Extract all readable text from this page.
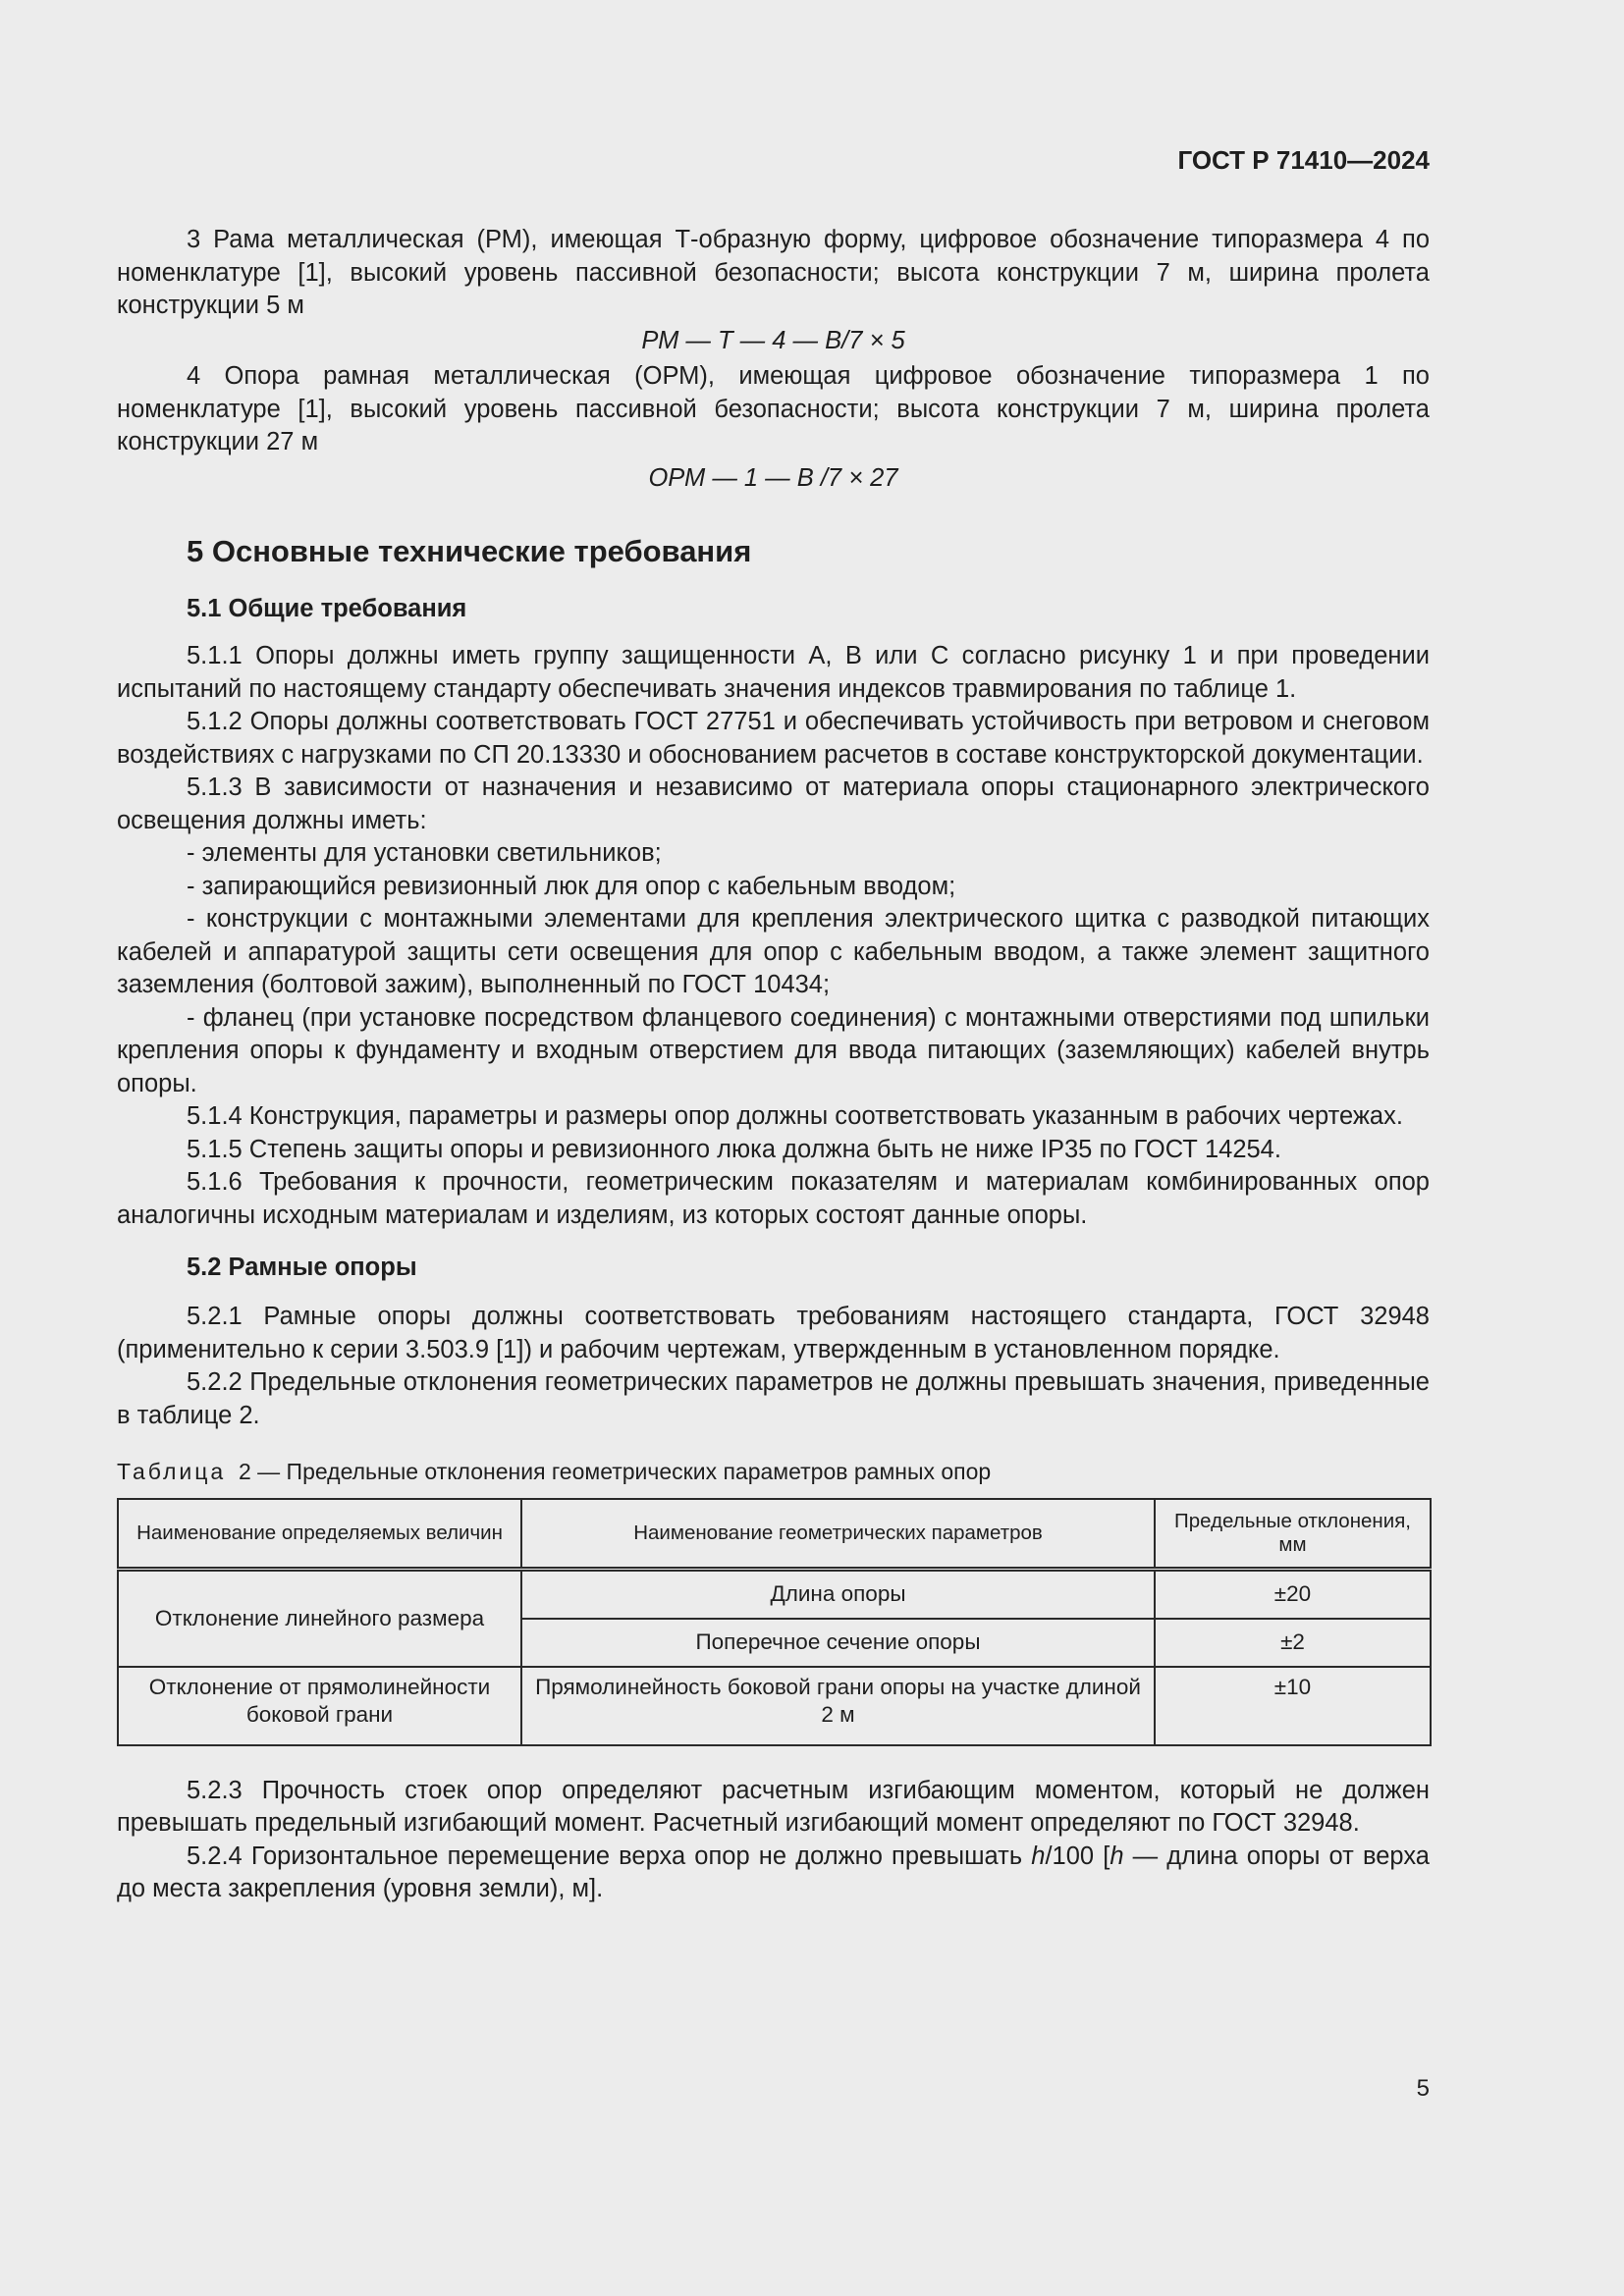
ГОСТ Р 71410—2024

3 Рама металлическая (РМ), имеющая Т-образную форму, цифровое обозначение типоразмера 4 по номенклатуре [1], высокий уровень пассивной безопасности; высота конструкции 7 м, ширина пролета конструкции 5 м

РМ — Т — 4 — В/7 × 5

4 Опора рамная металлическая (ОРМ), имеющая цифровое обозначение типоразмера 1 по номенклатуре [1], высокий уровень пассивной безопасности; высота конструкции 7 м, ширина пролета конструкции 27 м

ОРМ — 1 — В /7 × 27

5 Основные технические требования
5.1 Общие требования

5.1.1 Опоры должны иметь группу защищенности А, В или С согласно рисунку 1 и при проведении испытаний по настоящему стандарту обеспечивать значения индексов травмирования по таблице 1.

5.1.2 Опоры должны соответствовать ГОСТ 27751 и обеспечивать устойчивость при ветровом и снеговом воздействиях с нагрузками по СП 20.13330 и обоснованием расчетов в составе конструкторской документации.

5.1.3 В зависимости от назначения и независимо от материала опоры стационарного электрического освещения должны иметь:

- элементы для установки светильников;

- запирающийся ревизионный люк для опор с кабельным вводом;

- конструкции с монтажными элементами для крепления электрического щитка с разводкой питающих кабелей и аппаратурой защиты сети освещения для опор с кабельным вводом, а также элемент защитного заземления (болтовой зажим), выполненный по ГОСТ 10434;

- фланец (при установке посредством фланцевого соединения) с монтажными отверстиями под шпильки крепления опоры к фундаменту и входным отверстием для ввода питающих (заземляющих) кабелей внутрь опоры.

5.1.4 Конструкция, параметры и размеры опор должны соответствовать указанным в рабочих чертежах.

5.1.5 Степень защиты опоры и ревизионного люка должна быть не ниже IP35 по ГОСТ 14254.

5.1.6 Требования к прочности, геометрическим показателям и материалам комбинированных опор аналогичны исходным материалам и изделиям, из которых состоят данные опоры.

5.2 Рамные опоры

5.2.1 Рамные опоры должны соответствовать требованиям настоящего стандарта, ГОСТ 32948 (применительно к серии 3.503.9 [1]) и рабочим чертежам, утвержденным в установленном порядке.

5.2.2 Предельные отклонения геометрических параметров не должны превышать значения, приведенные в таблице 2.

Таблица 2 — Предельные отклонения геометрических параметров рамных опор

Наименование определяемых величин	Наименование геометрических параметров	Предельные отклонения, мм
Отклонение линейного размера	Длина опоры	±20
	Поперечное сечение опоры	±2
Отклонение от прямолинейности боковой грани	Прямолинейность боковой грани опоры на участке длиной 2 м	±10

5.2.3 Прочность стоек опор определяют расчетным изгибающим моментом, который не должен превышать предельный изгибающий момент. Расчетный изгибающий момент определяют по ГОСТ 32948.

5.2.4 Горизонтальное перемещение верха опор не должно превышать h/100 [h — длина опоры от верха до места закрепления (уровня земли), м].

5
